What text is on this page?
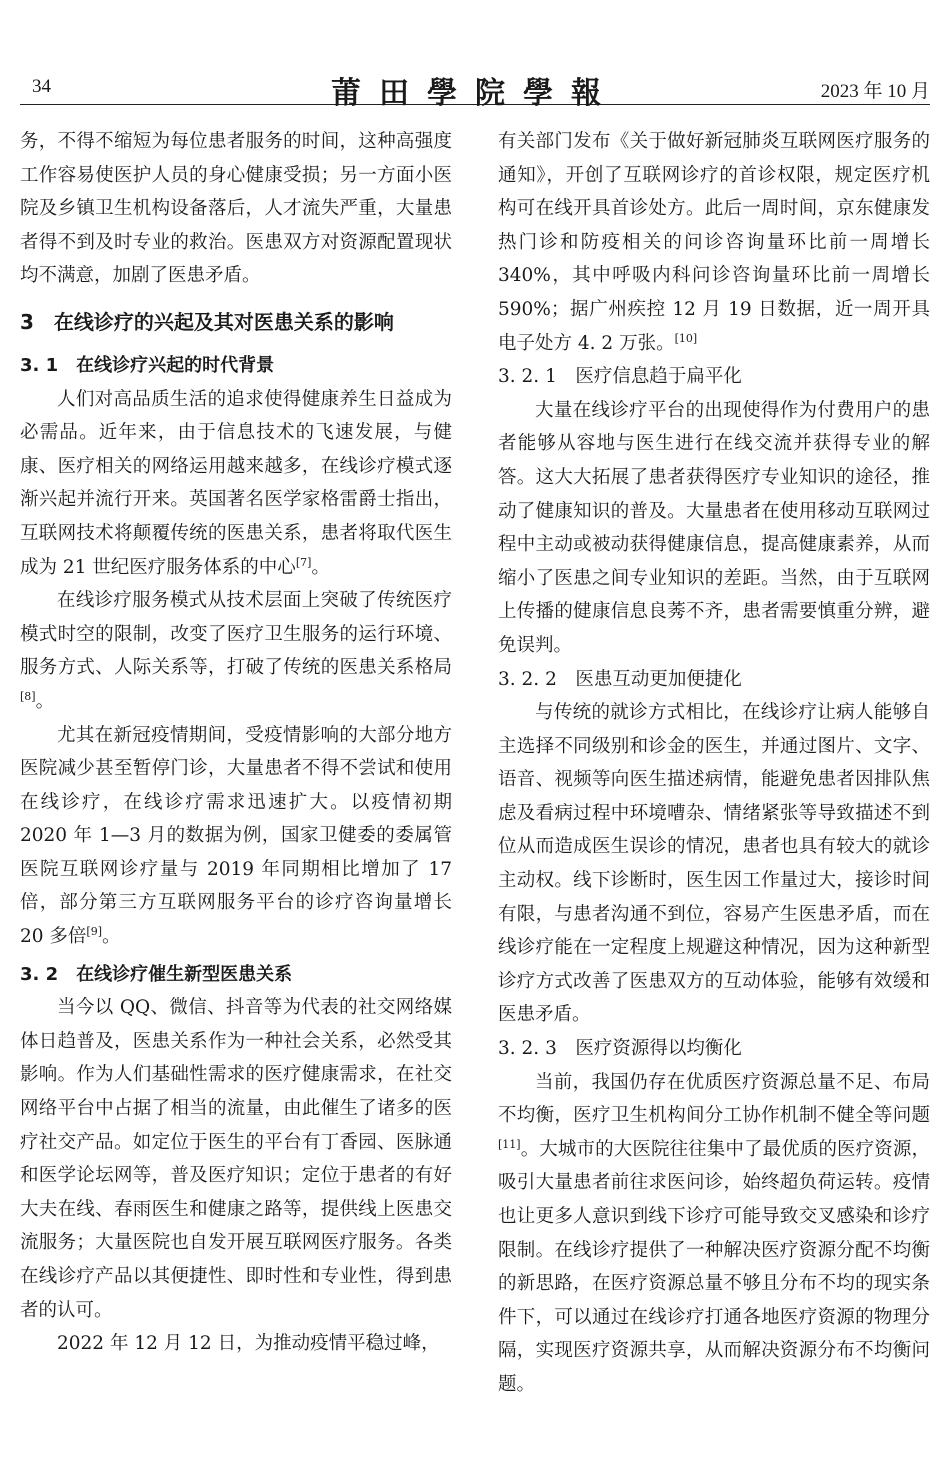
34	莆田學院學報	2023 年 10 月

务，不得不缩短为每位患者服务的时间，这种高强度工作容易使医护人员的身心健康受损；另一方面小医院及乡镇卫生机构设备落后，人才流失严重，大量患者得不到及时专业的救治。医患双方对资源配置现状均不满意，加剧了医患矛盾。

3　在线诊疗的兴起及其对医患关系的影响
3. 1　在线诊疗兴起的时代背景

人们对高品质生活的追求使得健康养生日益成为必需品。近年来，由于信息技术的飞速发展，与健康、医疗相关的网络运用越来越多，在线诊疗模式逐渐兴起并流行开来。英国著名医学家格雷爵士指出，互联网技术将颠覆传统的医患关系，患者将取代医生成为 21 世纪医疗服务体系的中心[7]。

在线诊疗服务模式从技术层面上突破了传统医疗模式时空的限制，改变了医疗卫生服务的运行环境、服务方式、人际关系等，打破了传统的医患关系格局[8]。

尤其在新冠疫情期间，受疫情影响的大部分地方医院减少甚至暂停门诊，大量患者不得不尝试和使用在线诊疗，在线诊疗需求迅速扩大。以疫情初期 2020 年 1—3 月的数据为例，国家卫健委的委属管医院互联网诊疗量与 2019 年同期相比增加了 17 倍，部分第三方互联网服务平台的诊疗咨询量增长 20 多倍[9]。

3. 2　在线诊疗催生新型医患关系

当今以 QQ、微信、抖音等为代表的社交网络媒体日趋普及，医患关系作为一种社会关系，必然受其影响。作为人们基础性需求的医疗健康需求，在社交网络平台中占据了相当的流量，由此催生了诸多的医疗社交产品。如定位于医生的平台有丁香园、医脉通和医学论坛网等，普及医疗知识；定位于患者的有好大夫在线、春雨医生和健康之路等，提供线上医患交流服务；大量医院也自发开展互联网医疗服务。各类在线诊疗产品以其便捷性、即时性和专业性，得到患者的认可。

2022 年 12 月 12 日，为推动疫情平稳过峰，

有关部门发布《关于做好新冠肺炎互联网医疗服务的通知》，开创了互联网诊疗的首诊权限，规定医疗机构可在线开具首诊处方。此后一周时间，京东健康发热门诊和防疫相关的问诊咨询量环比前一周增长 340%，其中呼吸内科问诊咨询量环比前一周增长 590%；据广州疾控 12 月 19 日数据，近一周开具电子处方 4. 2 万张。[10]

3. 2. 1　医疗信息趋于扁平化

大量在线诊疗平台的出现使得作为付费用户的患者能够从容地与医生进行在线交流并获得专业的解答。这大大拓展了患者获得医疗专业知识的途径，推动了健康知识的普及。大量患者在使用移动互联网过程中主动或被动获得健康信息，提高健康素养，从而缩小了医患之间专业知识的差距。当然，由于互联网上传播的健康信息良莠不齐，患者需要慎重分辨，避免误判。

3. 2. 2　医患互动更加便捷化

与传统的就诊方式相比，在线诊疗让病人能够自主选择不同级别和诊金的医生，并通过图片、文字、语音、视频等向医生描述病情，能避免患者因排队焦虑及看病过程中环境嘈杂、情绪紧张等导致描述不到位从而造成医生误诊的情况，患者也具有较大的就诊主动权。线下诊断时，医生因工作量过大，接诊时间有限，与患者沟通不到位，容易产生医患矛盾，而在线诊疗能在一定程度上规避这种情况，因为这种新型诊疗方式改善了医患双方的互动体验，能够有效缓和医患矛盾。

3. 2. 3　医疗资源得以均衡化

当前，我国仍存在优质医疗资源总量不足、布局不均衡，医疗卫生机构间分工协作机制不健全等问题[11]。大城市的大医院往往集中了最优质的医疗资源，吸引大量患者前往求医问诊，始终超负荷运转。疫情也让更多人意识到线下诊疗可能导致交叉感染和诊疗限制。在线诊疗提供了一种解决医疗资源分配不均衡的新思路，在医疗资源总量不够且分布不均的现实条件下，可以通过在线诊疗打通各地医疗资源的物理分隔，实现医疗资源共享，从而解决资源分布不均衡问题。
